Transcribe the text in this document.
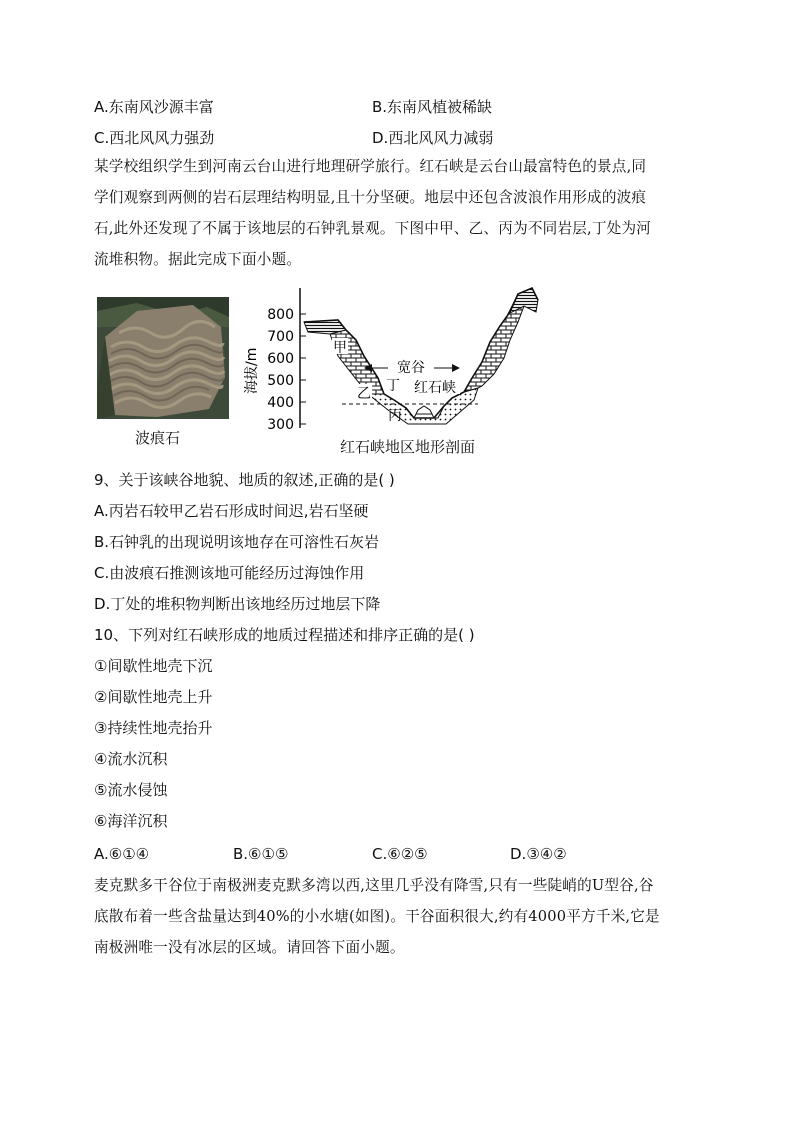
A.东南风沙源丰富	B.东南风植被稀缺
C.西北风风力强劲	D.西北风风力减弱

某学校组织学生到河南云台山进行地理研学旅行。红石峡是云台山最富特色的景点,同

学们观察到两侧的岩石层理结构明显,且十分坚硬。地层中还包含波浪作用形成的波痕

石,此外还发现了不属于该地层的石钟乳景观。下图中甲、乙、丙为不同岩层,丁处为河

流堆积物。据此完成下面小题。

波痕石
800
700
600
500
400
300
海拔/m	宽谷
甲
乙 丁
丙
红石峡
红石峡地区地形剖面
9、关于该峡谷地貌、地质的叙述,正确的是( )
A.丙岩石较甲乙岩石形成时间迟,岩石坚硬
B.石钟乳的出现说明该地存在可溶性石灰岩
C.由波痕石推测该地可能经历过海蚀作用
D.丁处的堆积物判断出该地经历过地层下降
10、下列对红石峡形成的地质过程描述和排序正确的是( )
①间歇性地壳下沉
②间歇性地壳上升
③持续性地壳抬升
④流水沉积
⑤流水侵蚀
⑥海洋沉积
A.⑥①④	B.⑥①⑤	C.⑥②⑤	D.③④②

麦克默多干谷位于南极洲麦克默多湾以西,这里几乎没有降雪,只有一些陡峭的U型谷,谷

底散布着一些含盐量达到40%的小水塘(如图)。干谷面积很大,约有4000平方千米,它是

南极洲唯一没有冰层的区域。请回答下面小题。
